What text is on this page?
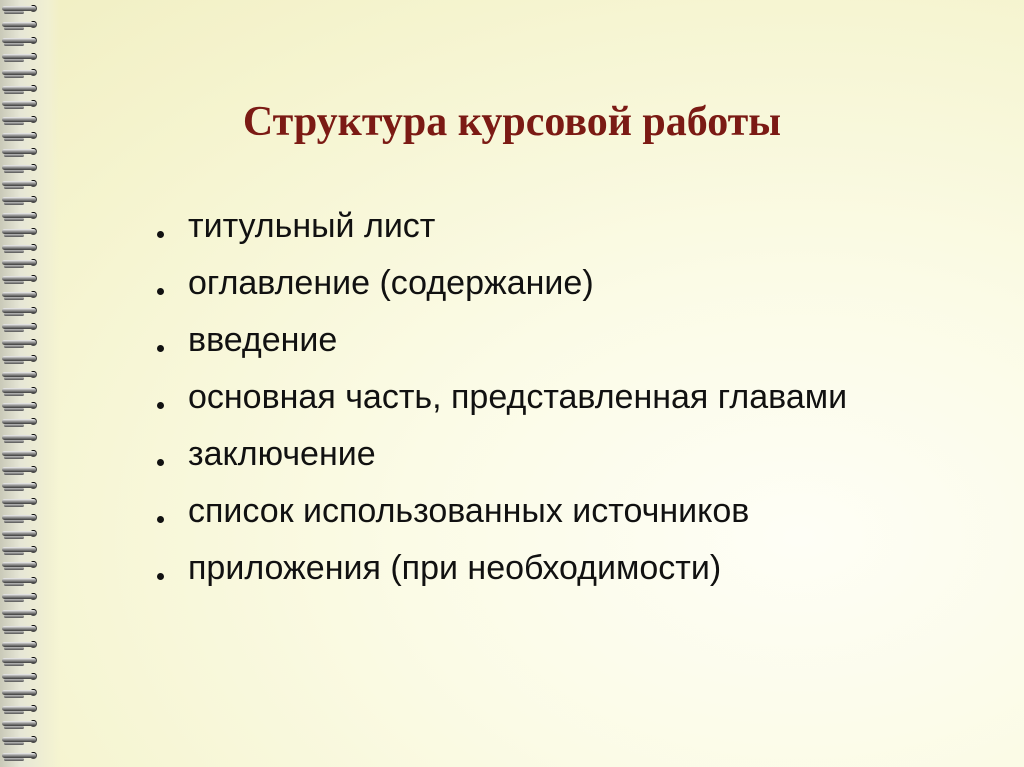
Структура курсовой работы
титульный лист
оглавление (содержание)
введение
основная часть, представленная главами
заключение
список использованных источников
приложения (при необходимости)
